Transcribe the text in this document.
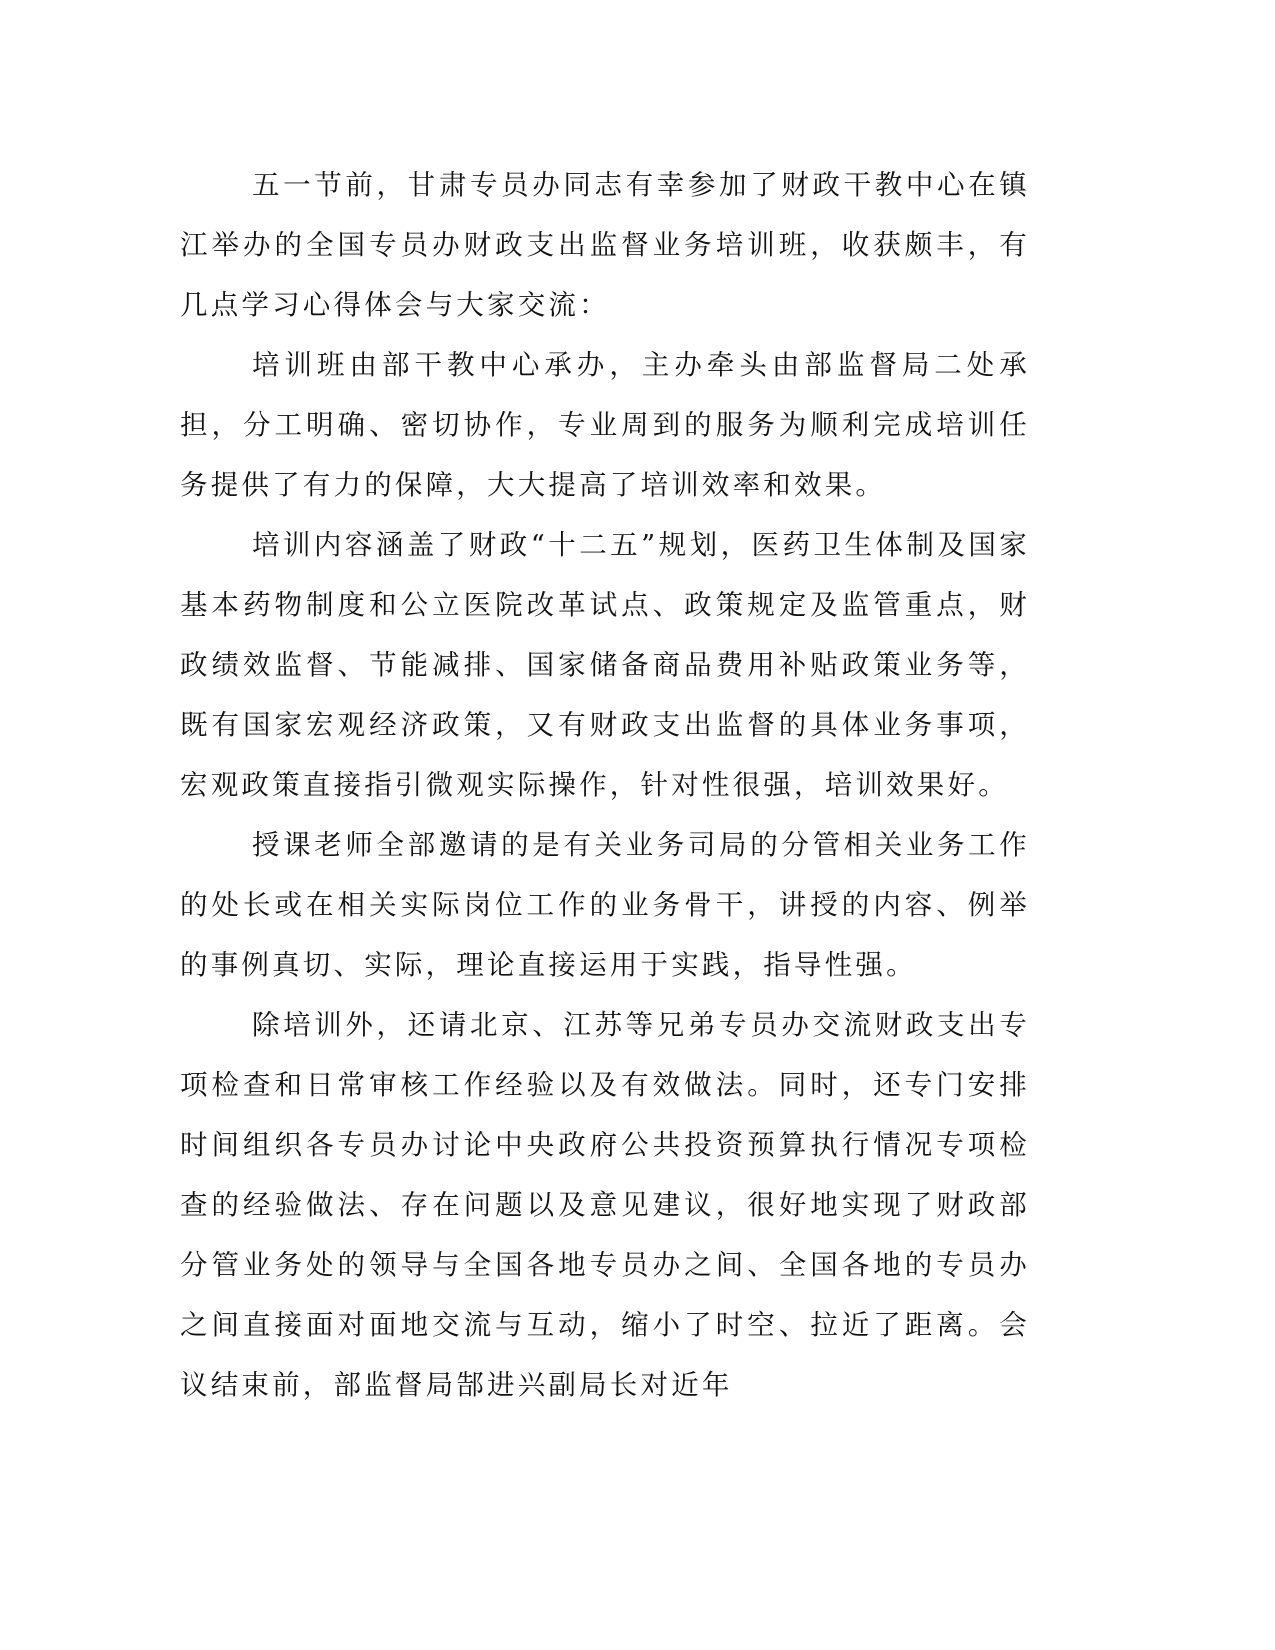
五一节前，甘肃专员办同志有幸参加了财政干教中心在镇江举办的全国专员办财政支出监督业务培训班，收获颇丰，有几点学习心得体会与大家交流：

培训班由部干教中心承办，主办牵头由部监督局二处承担，分工明确、密切协作，专业周到的服务为顺利完成培训任务提供了有力的保障，大大提高了培训效率和效果。

培训内容涵盖了财政“十二五”规划，医药卫生体制及国家基本药物制度和公立医院改革试点、政策规定及监管重点，财政绩效监督、节能减排、国家储备商品费用补贴政策业务等，既有国家宏观经济政策，又有财政支出监督的具体业务事项，宏观政策直接指引微观实际操作，针对性很强，培训效果好。

授课老师全部邀请的是有关业务司局的分管相关业务工作的处长或在相关实际岗位工作的业务骨干，讲授的内容、例举的事例真切、实际，理论直接运用于实践，指导性强。

除培训外，还请北京、江苏等兄弟专员办交流财政支出专项检查和日常审核工作经验以及有效做法。同时，还专门安排时间组织各专员办讨论中央政府公共投资预算执行情况专项检查的经验做法、存在问题以及意见建议，很好地实现了财政部分管业务处的领导与全国各地专员办之间、全国各地的专员办之间直接面对面地交流与互动，缩小了时空、拉近了距离。会议结束前，部监督局郜进兴副局长对近年
